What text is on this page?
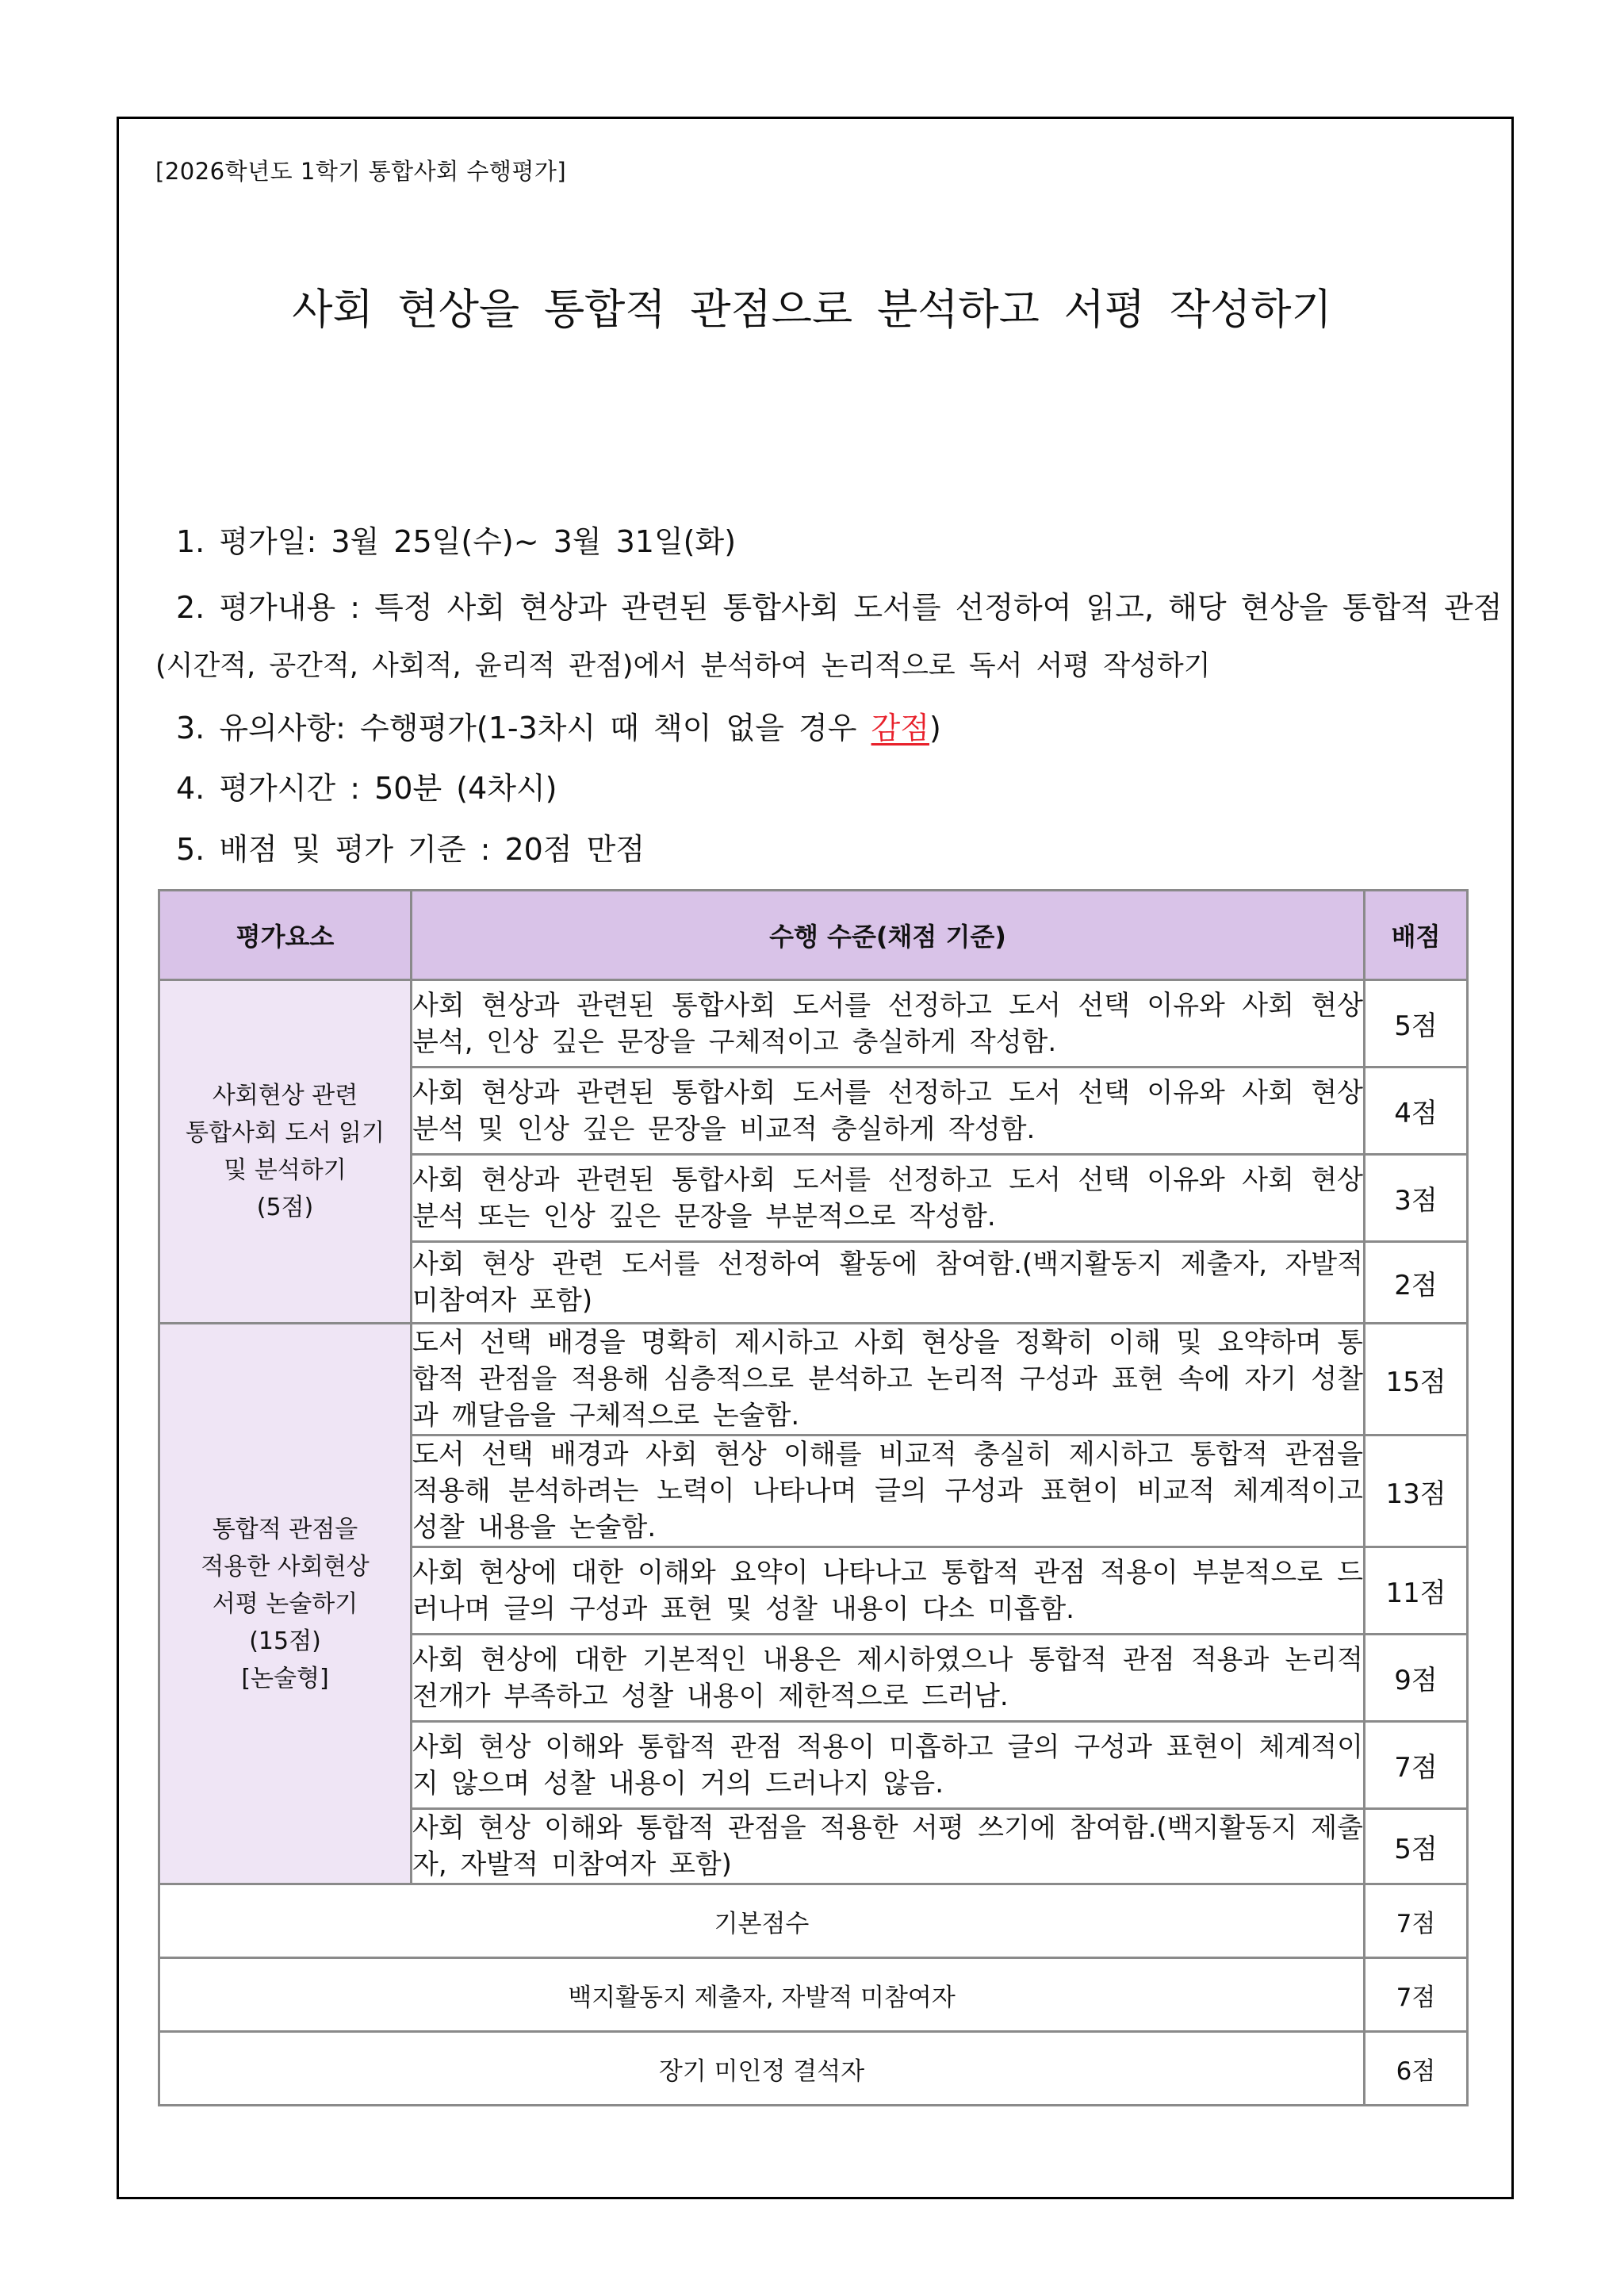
[2026학년도 1학기 통합사회 수행평가]
사회 현상을 통합적 관점으로 분석하고 서평 작성하기
1. 평가일: 3월 25일(수)~ 3월 31일(화)
2. 평가내용 : 특정 사회 현상과 관련된 통합사회 도서를 선정하여 읽고, 해당 현상을 통합적 관점
(시간적, 공간적, 사회적, 윤리적 관점)에서 분석하여 논리적으로 독서 서평 작성하기
3. 유의사항: 수행평가(1-3차시 때 책이 없을 경우 감점)
4. 평가시간 : 50분 (4차시)
5. 배점 및 평가 기준 : 20점 만점
평가요소	수행 수준(채점 기준)	배점

사회현상 관련
통합사회 도서 읽기
및 분석하기
(5점)	사회 현상과 관련된 통합사회 도서를 선정하고 도서 선택 이유와 사회 현상 분석, 인상 깊은 문장을 구체적이고 충실하게 작성함.	5점
	사회 현상과 관련된 통합사회 도서를 선정하고 도서 선택 이유와 사회 현상 분석 및 인상 깊은 문장을 비교적 충실하게 작성함.	4점
	사회 현상과 관련된 통합사회 도서를 선정하고 도서 선택 이유와 사회 현상 분석 또는 인상 깊은 문장을 부분적으로 작성함.	3점
	사회 현상 관련 도서를 선정하여 활동에 참여함.(백지활동지 제출자, 자발적 미참여자 포함)	2점

통합적 관점을
적용한 사회현상
서평 논술하기
(15점)
[논술형]	도서 선택 배경을 명확히 제시하고 사회 현상을 정확히 이해 및 요약하며 통합적 관점을 적용해 심층적으로 분석하고 논리적 구성과 표현 속에 자기 성찰과 깨달음을 구체적으로 논술함.	15점
	도서 선택 배경과 사회 현상 이해를 비교적 충실히 제시하고 통합적 관점을 적용해 분석하려는 노력이 나타나며 글의 구성과 표현이 비교적 체계적이고 성찰 내용을 논술함.	13점
	사회 현상에 대한 이해와 요약이 나타나고 통합적 관점 적용이 부분적으로 드러나며 글의 구성과 표현 및 성찰 내용이 다소 미흡함.	11점
	사회 현상에 대한 기본적인 내용은 제시하였으나 통합적 관점 적용과 논리적 전개가 부족하고 성찰 내용이 제한적으로 드러남.	9점
	사회 현상 이해와 통합적 관점 적용이 미흡하고 글의 구성과 표현이 체계적이지 않으며 성찰 내용이 거의 드러나지 않음.	7점
	사회 현상 이해와 통합적 관점을 적용한 서평 쓰기에 참여함.(백지활동지 제출자, 자발적 미참여자 포함)	5점
기본점수		7점
백지활동지 제출자, 자발적 미참여자		7점
장기 미인정 결석자		6점
